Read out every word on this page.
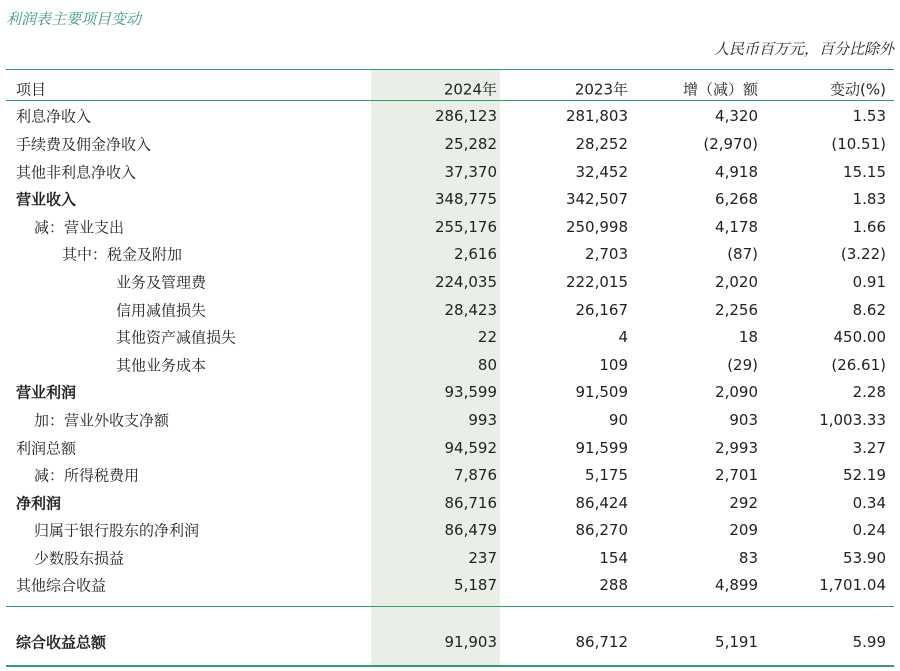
利润表主要项目变动
人民币百万元，百分比除外
项目	2024年	2023年	增（减）额	变动(%)
利息净收入	286,123	281,803	4,320	1.53
手续费及佣金净收入	25,282	28,252	(2,970)	(10.51)
其他非利息净收入	37,370	32,452	4,918	15.15
营业收入	348,775	342,507	6,268	1.83
减：营业支出	255,176	250,998	4,178	1.66
其中：税金及附加	2,616	2,703	(87)	(3.22)
业务及管理费	224,035	222,015	2,020	0.91
信用减值损失	28,423	26,167	2,256	8.62
其他资产减值损失	22	4	18	450.00
其他业务成本	80	109	(29)	(26.61)
营业利润	93,599	91,509	2,090	2.28
加：营业外收支净额	993	90	903	1,003.33
利润总额	94,592	91,599	2,993	3.27
减：所得税费用	7,876	5,175	2,701	52.19
净利润	86,716	86,424	292	0.34
归属于银行股东的净利润	86,479	86,270	209	0.24
少数股东损益	237	154	83	53.90
其他综合收益	5,187	288	4,899	1,701.04
综合收益总额	91,903	86,712	5,191	5.99
